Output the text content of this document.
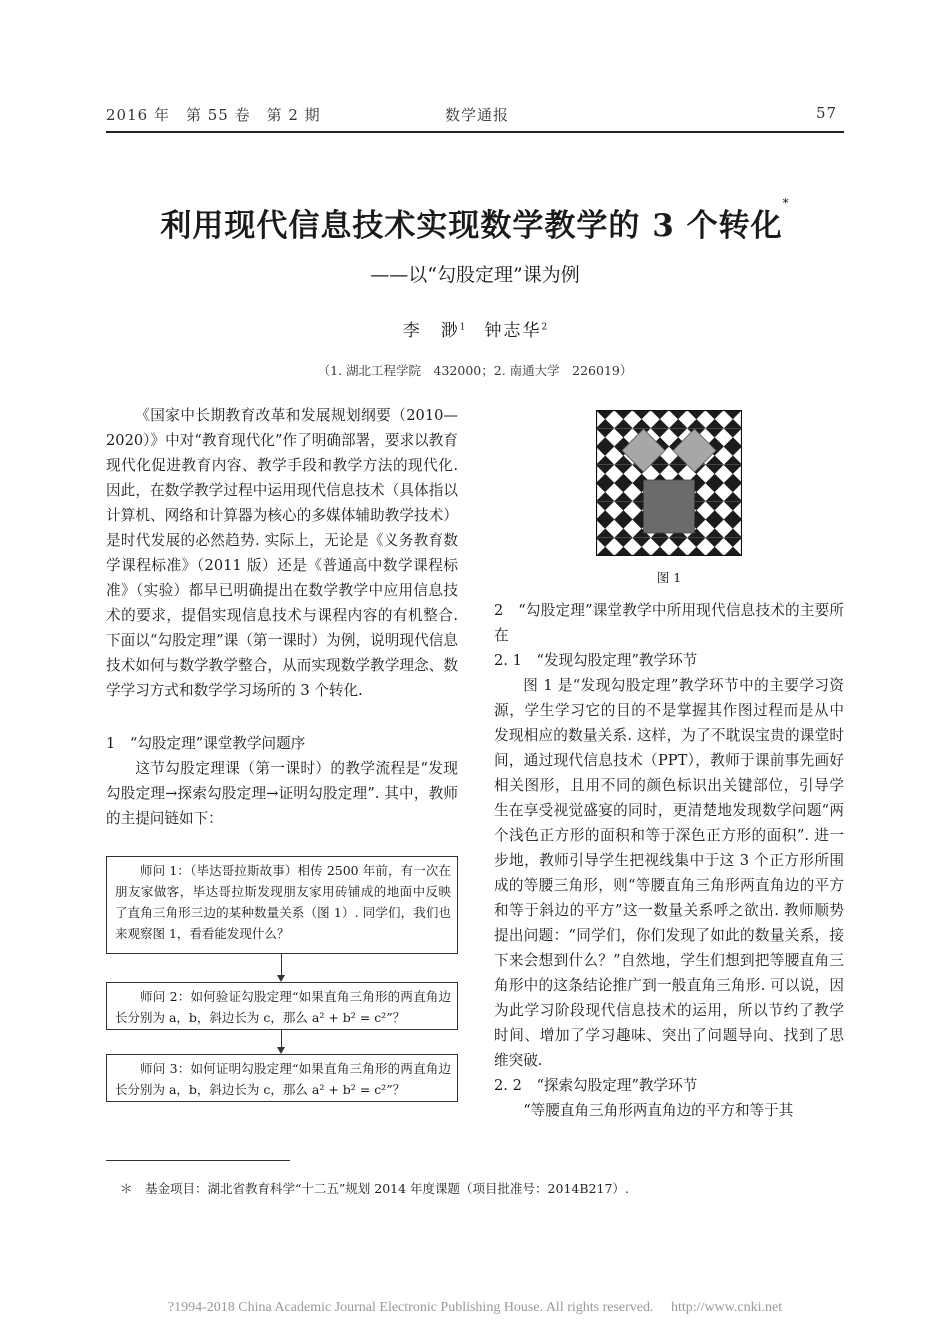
2016 年　第 55 卷　第 2 期	数学通报	57
利用现代信息技术实现数学教学的 3 个转化*
——以“勾股定理”课为例
李　渺$^1$　 钟志华$^2$
（1. 湖北工程学院　432000；2. 南通大学　226019）

《国家中长期教育改革和发展规划纲要（2010—2020）》中对“教育现代化”作了明确部署，要求以教育现代化促进教育内容、教学手段和教学方法的现代化. 因此，在数学教学过程中运用现代信息技术（具体指以计算机、网络和计算器为核心的多媒体辅助教学技术）是时代发展的必然趋势. 实际上，无论是《义务教育数学课程标准》（2011 版）还是《普通高中数学课程标准》（实验）都早已明确提出在数学教学中应用信息技术的要求，提倡实现信息技术与课程内容的有机整合. 下面以“勾股定理”课（第一课时）为例，说明现代信息技术如何与数学教学整合，从而实现数学教学理念、数学学习方式和数学学习场所的 3 个转化.

1　“勾股定理”课堂教学问题序

这节勾股定理课（第一课时）的教学流程是“发现勾股定理→探索勾股定理→证明勾股定理”. 其中，教师的主提问链如下：

师问 1：（毕达哥拉斯故事）相传 2500 年前，有一次在朋友家做客，毕达哥拉斯发现朋友家用砖铺成的地面中反映了直角三角形三边的某种数量关系（图 1）. 同学们，我们也来观察图 1，看看能发现什么？
师问 2：如何验证勾股定理“如果直角三角形的两直角边长分别为 a，b，斜边长为 c，那么 a² + b² = c²”？
师问 3：如何证明勾股定理“如果直角三角形的两直角边长分别为 a，b，斜边长为 c，那么 a² + b² = c²”？
图 1

2　“勾股定理”课堂教学中所用现代信息技术的主要所在

2. 1　“发现勾股定理”教学环节

图 1 是“发现勾股定理”教学环节中的主要学习资源，学生学习它的目的不是掌握其作图过程而是从中发现相应的数量关系. 这样，为了不耽误宝贵的课堂时间，通过现代信息技术（PPT），教师于课前事先画好相关图形，且用不同的颜色标识出关键部位，引导学生在享受视觉盛宴的同时，更清楚地发现数学问题“两个浅色正方形的面积和等于深色正方形的面积”. 进一步地，教师引导学生把视线集中于这 3 个正方形所围成的等腰三角形，则“等腰直角三角形两直角边的平方和等于斜边的平方”这一数量关系呼之欲出. 教师顺势提出问题：“同学们，你们发现了如此的数量关系，接下来会想到什么？”自然地，学生们想到把等腰直角三角形中的这条结论推广到一般直角三角形. 可以说，因为此学习阶段现代信息技术的运用，所以节约了教学时间、增加了学习趣味、突出了问题导向、找到了思维突破.

2. 2　“探索勾股定理”教学环节

“等腰直角三角形两直角边的平方和等于其

＊　基金项目：湖北省教育科学“十二五”规划 2014 年度课题（项目批准号：2014B217）.
?1994-2018 China Academic Journal Electronic Publishing House. All rights reserved.　 http://www.cnki.net
